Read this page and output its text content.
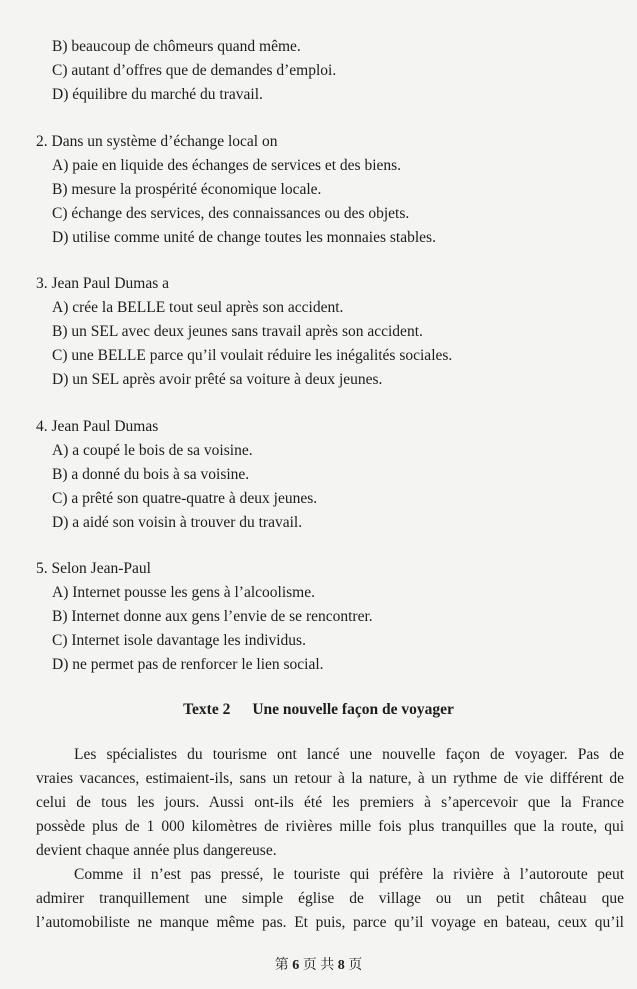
B) beaucoup de chômeurs quand même.
C) autant d’offres que de demandes d’emploi.
D) équilibre du marché du travail.
2. Dans un système d’échange local on
A) paie en liquide des échanges de services et des biens.
B) mesure la prospérité économique locale.
C) échange des services, des connaissances ou des objets.
D) utilise comme unité de change toutes les monnaies stables.
3. Jean Paul Dumas a
A) crée la BELLE tout seul après son accident.
B) un SEL avec deux jeunes sans travail après son accident.
C) une BELLE parce qu’il voulait réduire les inégalités sociales.
D) un SEL après avoir prêté sa voiture à deux jeunes.
4. Jean Paul Dumas
A) a coupé le bois de sa voisine.
B) a donné du bois à sa voisine.
C) a prêté son quatre-quatre à deux jeunes.
D) a aidé son voisin à trouver du travail.
5. Selon Jean-Paul
A) Internet pousse les gens à l’alcoolisme.
B) Internet donne aux gens l’envie de se rencontrer.
C) Internet isole davantage les individus.
D) ne permet pas de renforcer le lien social.
Texte 2 Une nouvelle façon de voyager
Les spécialistes du tourisme ont lancé une nouvelle façon de voyager. Pas de
vraies vacances, estimaient-ils, sans un retour à la nature, à un rythme de vie différent de
celui de tous les jours. Aussi ont-ils été les premiers à s’apercevoir que la France
possède plus de 1 000 kilomètres de rivières mille fois plus tranquilles que la route, qui
devient chaque année plus dangereuse.
Comme il n’est pas pressé, le touriste qui préfère la rivière à l’autoroute peut
admirer tranquillement une simple église de village ou un petit château que
l’automobiliste ne manque même pas. Et puis, parce qu’il voyage en bateau, ceux qu’il
第 6 页 共 8 页
